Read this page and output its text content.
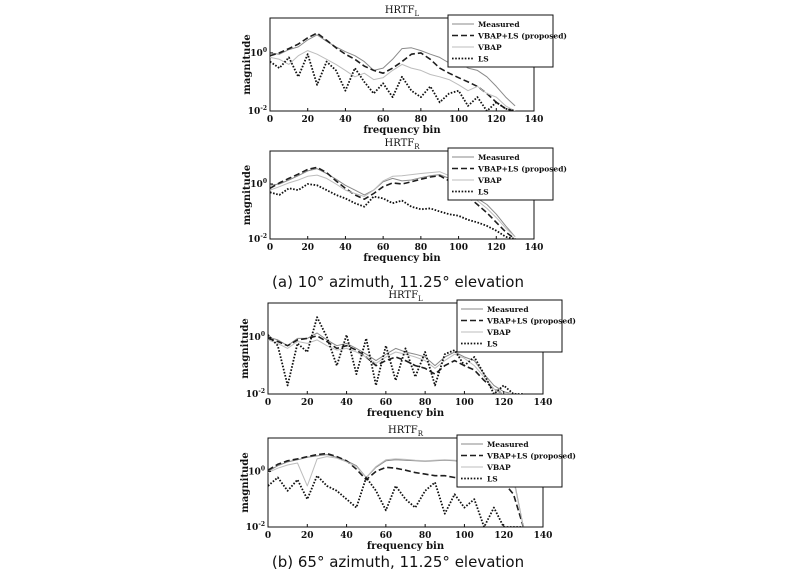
0	20	40	60	80 100 120 140
$10^0$
$10^{-2}$
$HRTF_L$
frequency bin
magnitude
Measured
VBAP+LS (proposed)
VBAP
LS
0	20	40	60	80 100 120 140
$10^0$
$10^{-2}$
$HRTF_R$
frequency bin
magnitude
Measured
VBAP+LS (proposed)
VBAP
LS
0	20	40	60	80	100 120 140
$10^0$
$10^{-2}$
$HRTF_L$
frequency bin
magnitude
Measured
VBAP+LS (proposed)
VBAP
LS
0	20	40	60	80	100 120 140
$10^0$
$10^{-2}$
$HRTF_R$
frequency bin
magnitude
Measured
VBAP+LS (proposed)
VBAP
LS
(a) 10° azimuth, 11.25° elevation
(b) 65° azimuth, 11.25° elevation
